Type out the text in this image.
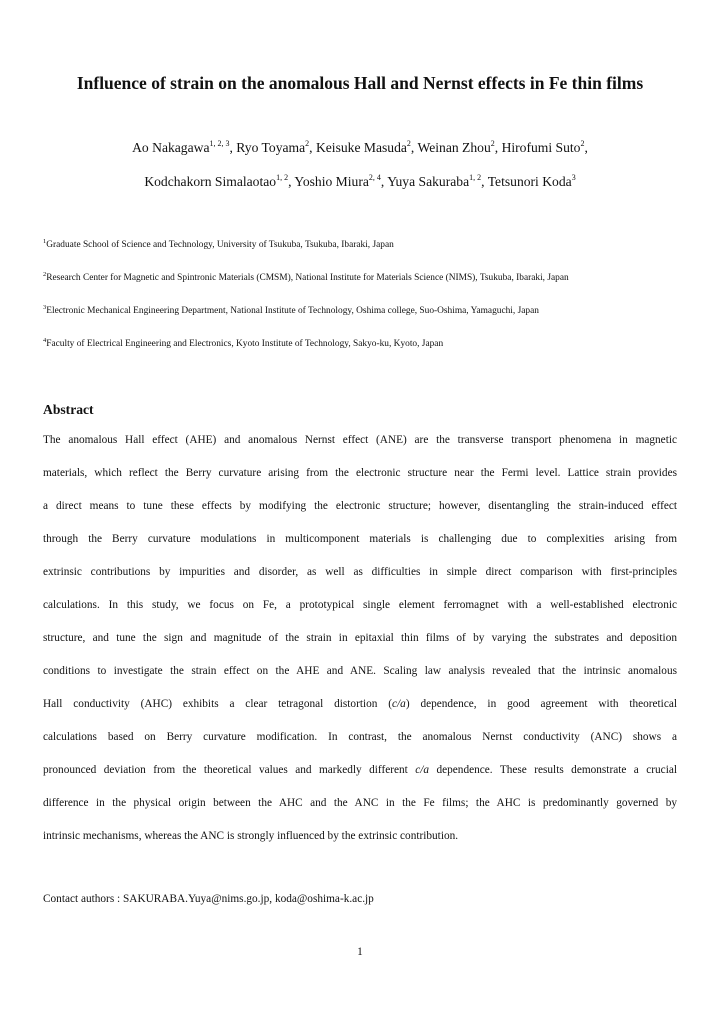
Influence of strain on the anomalous Hall and Nernst effects in Fe thin films
Ao Nakagawa$^{1, 2, 3}$, Ryo Toyama$^2$, Keisuke Masuda$^2$, Weinan Zhou$^2$, Hirofumi Suto$^2$,
Kodchakorn Simalaotao$^{1, 2}$, Yoshio Miura$^{2, 4}$, Yuya Sakuraba$^{1, 2}$, Tetsunori Koda$^3$
$^1$Graduate School of Science and Technology, University of Tsukuba, Tsukuba, Ibaraki, Japan
$^2$Research Center for Magnetic and Spintronic Materials (CMSM), National Institute for Materials Science (NIMS), Tsukuba, Ibaraki, Japan
$^3$Electronic Mechanical Engineering Department, National Institute of Technology, Oshima college, Suo-Oshima, Yamaguchi, Japan
$^4$Faculty of Electrical Engineering and Electronics, Kyoto Institute of Technology, Sakyo-ku, Kyoto, Japan
Abstract
The anomalous Hall effect (AHE) and anomalous Nernst effect (ANE) are the transverse transport phenomena in magnetic
materials, which reflect the Berry curvature arising from the electronic structure near the Fermi level. Lattice strain provides
a direct means to tune these effects by modifying the electronic structure; however, disentangling the strain-induced effect
through the Berry curvature modulations in multicomponent materials is challenging due to complexities arising from
extrinsic contributions by impurities and disorder, as well as difficulties in simple direct comparison with first-principles
calculations. In this study, we focus on Fe, a prototypical single element ferromagnet with a well-established electronic
structure, and tune the sign and magnitude of the strain in epitaxial thin films of by varying the substrates and deposition
conditions to investigate the strain effect on the AHE and ANE. Scaling law analysis revealed that the intrinsic anomalous
Hall conductivity (AHC) exhibits a clear tetragonal distortion (c/a) dependence, in good agreement with theoretical
calculations based on Berry curvature modification. In contrast, the anomalous Nernst conductivity (ANC) shows a
pronounced deviation from the theoretical values and markedly different c/a dependence. These results demonstrate a crucial
difference in the physical origin between the AHC and the ANC in the Fe films; the AHC is predominantly governed by
intrinsic mechanisms, whereas the ANC is strongly influenced by the extrinsic contribution.
Contact authors : SAKURABA.Yuya@nims.go.jp, koda@oshima-k.ac.jp
1
